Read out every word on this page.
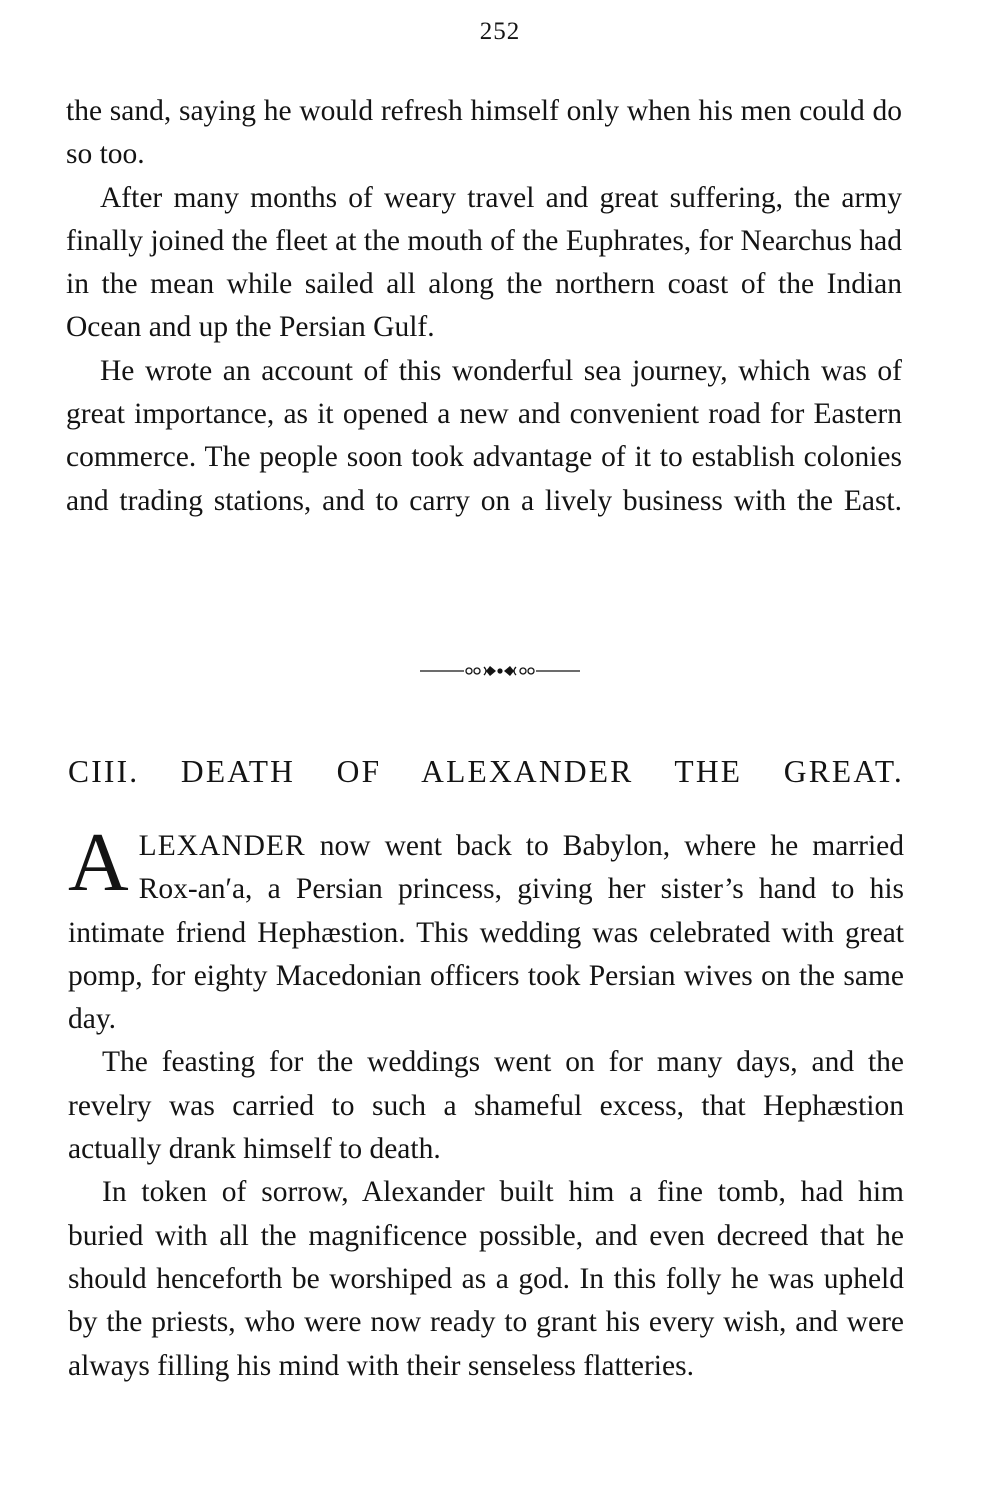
252

the sand, saying he would refresh himself only when his men could do so too.

After many months of weary travel and great suffering, the army finally joined the fleet at the mouth of the Euphrates, for Nearchus had in the mean while sailed all along the northern coast of the Indian Ocean and up the Persian Gulf.

He wrote an account of this wonderful sea journey, which was of great importance, as it opened a new and convenient road for Eastern commerce. The people soon took advantage of it to establish colonies and trading stations, and to carry on a lively business with the East.

CIII. DEATH OF ALEXANDER THE GREAT.

ALEXANDER now went back to Babylon, where he married Rox-an′a, a Persian princess, giving her sister’s hand to his intimate friend Hephæstion. This wedding was celebrated with great pomp, for eighty Macedonian officers took Persian wives on the same day.

The feasting for the weddings went on for many days, and the revelry was carried to such a shameful excess, that Hephæstion actually drank himself to death.

In token of sorrow, Alexander built him a fine tomb, had him buried with all the magnificence possible, and even decreed that he should henceforth be worshiped as a god. In this folly he was upheld by the priests, who were now ready to grant his every wish, and were always filling his mind with their senseless flatteries.
